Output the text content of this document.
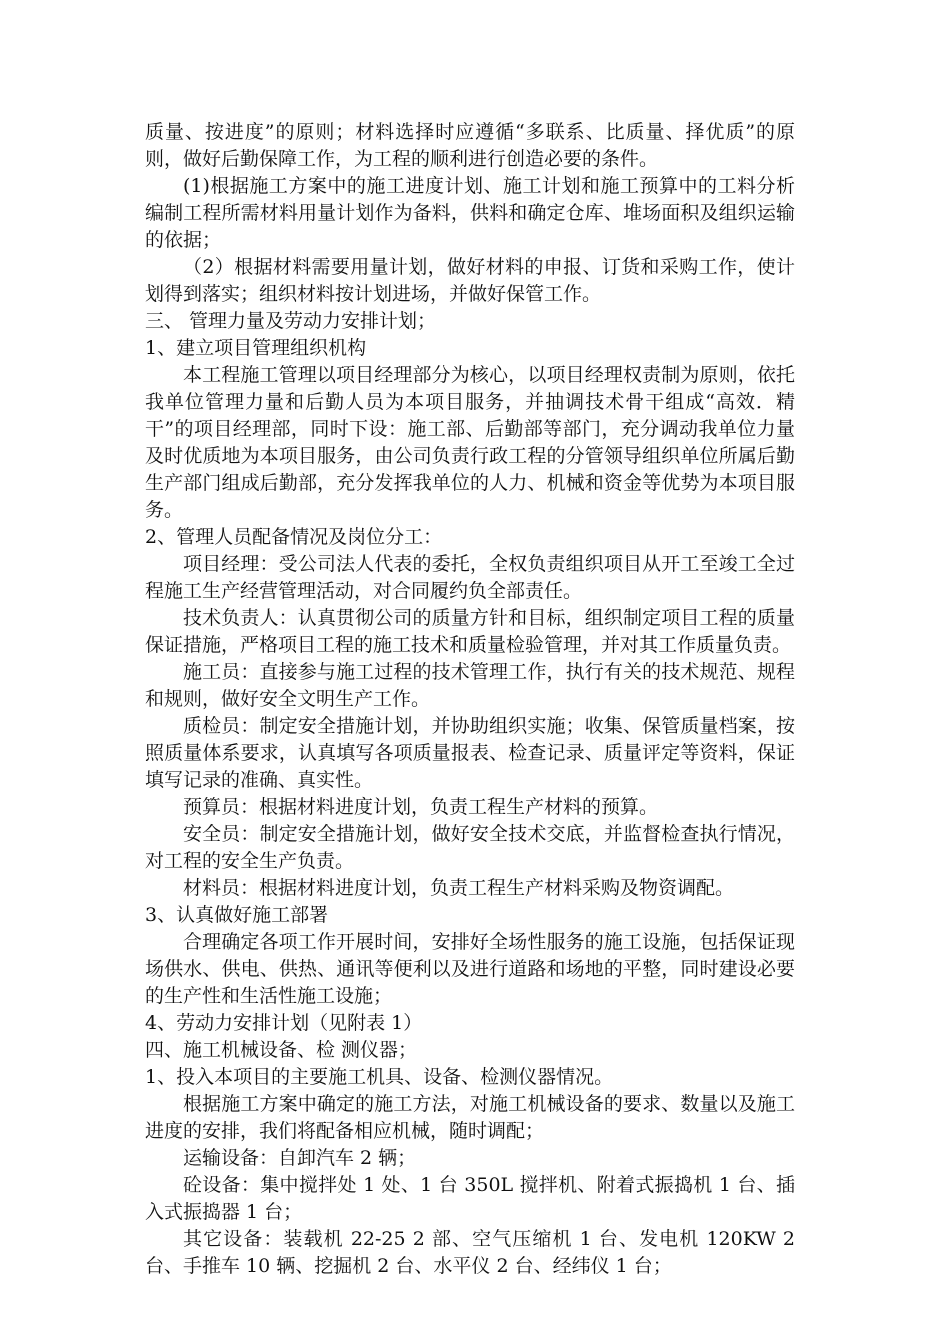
质量、按进度”的原则；材料选择时应遵循“多联系、比质量、择优质”的原则，做好后勤保障工作，为工程的顺利进行创造必要的条件。

(1)根据施工方案中的施工进度计划、施工计划和施工预算中的工料分析编制工程所需材料用量计划作为备料，供料和确定仓库、堆场面积及组织运输的依据；

（2）根据材料需要用量计划，做好材料的申报、订货和采购工作，使计划得到落实；组织材料按计划进场，并做好保管工作。

三、 管理力量及劳动力安排计划；

1、建立项目管理组织机构

本工程施工管理以项目经理部分为核心，以项目经理权责制为原则，依托我单位管理力量和后勤人员为本项目服务，并抽调技术骨干组成“高效．精干”的项目经理部，同时下设：施工部、后勤部等部门，充分调动我单位力量及时优质地为本项目服务，由公司负责行政工程的分管领导组织单位所属后勤生产部门组成后勤部，充分发挥我单位的人力、机械和资金等优势为本项目服务。

2、管理人员配备情况及岗位分工：

项目经理：受公司法人代表的委托，全权负责组织项目从开工至竣工全过程施工生产经营管理活动，对合同履约负全部责任。

技术负责人：认真贯彻公司的质量方针和目标，组织制定项目工程的质量保证措施，严格项目工程的施工技术和质量检验管理，并对其工作质量负责。

施工员：直接参与施工过程的技术管理工作，执行有关的技术规范、规程和规则，做好安全文明生产工作。

质检员：制定安全措施计划，并协助组织实施；收集、保管质量档案，按照质量体系要求，认真填写各项质量报表、检查记录、质量评定等资料，保证填写记录的准确、真实性。

预算员：根据材料进度计划，负责工程生产材料的预算。

安全员：制定安全措施计划，做好安全技术交底，并监督检查执行情况，对工程的安全生产负责。

材料员：根据材料进度计划，负责工程生产材料采购及物资调配。

3、认真做好施工部署

合理确定各项工作开展时间，安排好全场性服务的施工设施，包括保证现场供水、供电、供热、通讯等便利以及进行道路和场地的平整，同时建设必要的生产性和生活性施工设施；

4、劳动力安排计划（见附表 1）

四、施工机械设备、检 测仪器；

1、投入本项目的主要施工机具、设备、检测仪器情况。

根据施工方案中确定的施工方法，对施工机械设备的要求、数量以及施工进度的安排，我们将配备相应机械，随时调配；

运输设备：自卸汽车 2 辆；

砼设备：集中搅拌处 1 处、1 台 350L 搅拌机、附着式振捣机 1 台、插入式振捣器 1 台；

其它设备：装载机 22-25 2 部、空气压缩机 1 台、发电机 120KW 2 台、手推车 10 辆、挖掘机 2 台、水平仪 2 台、经纬仪 1 台；
